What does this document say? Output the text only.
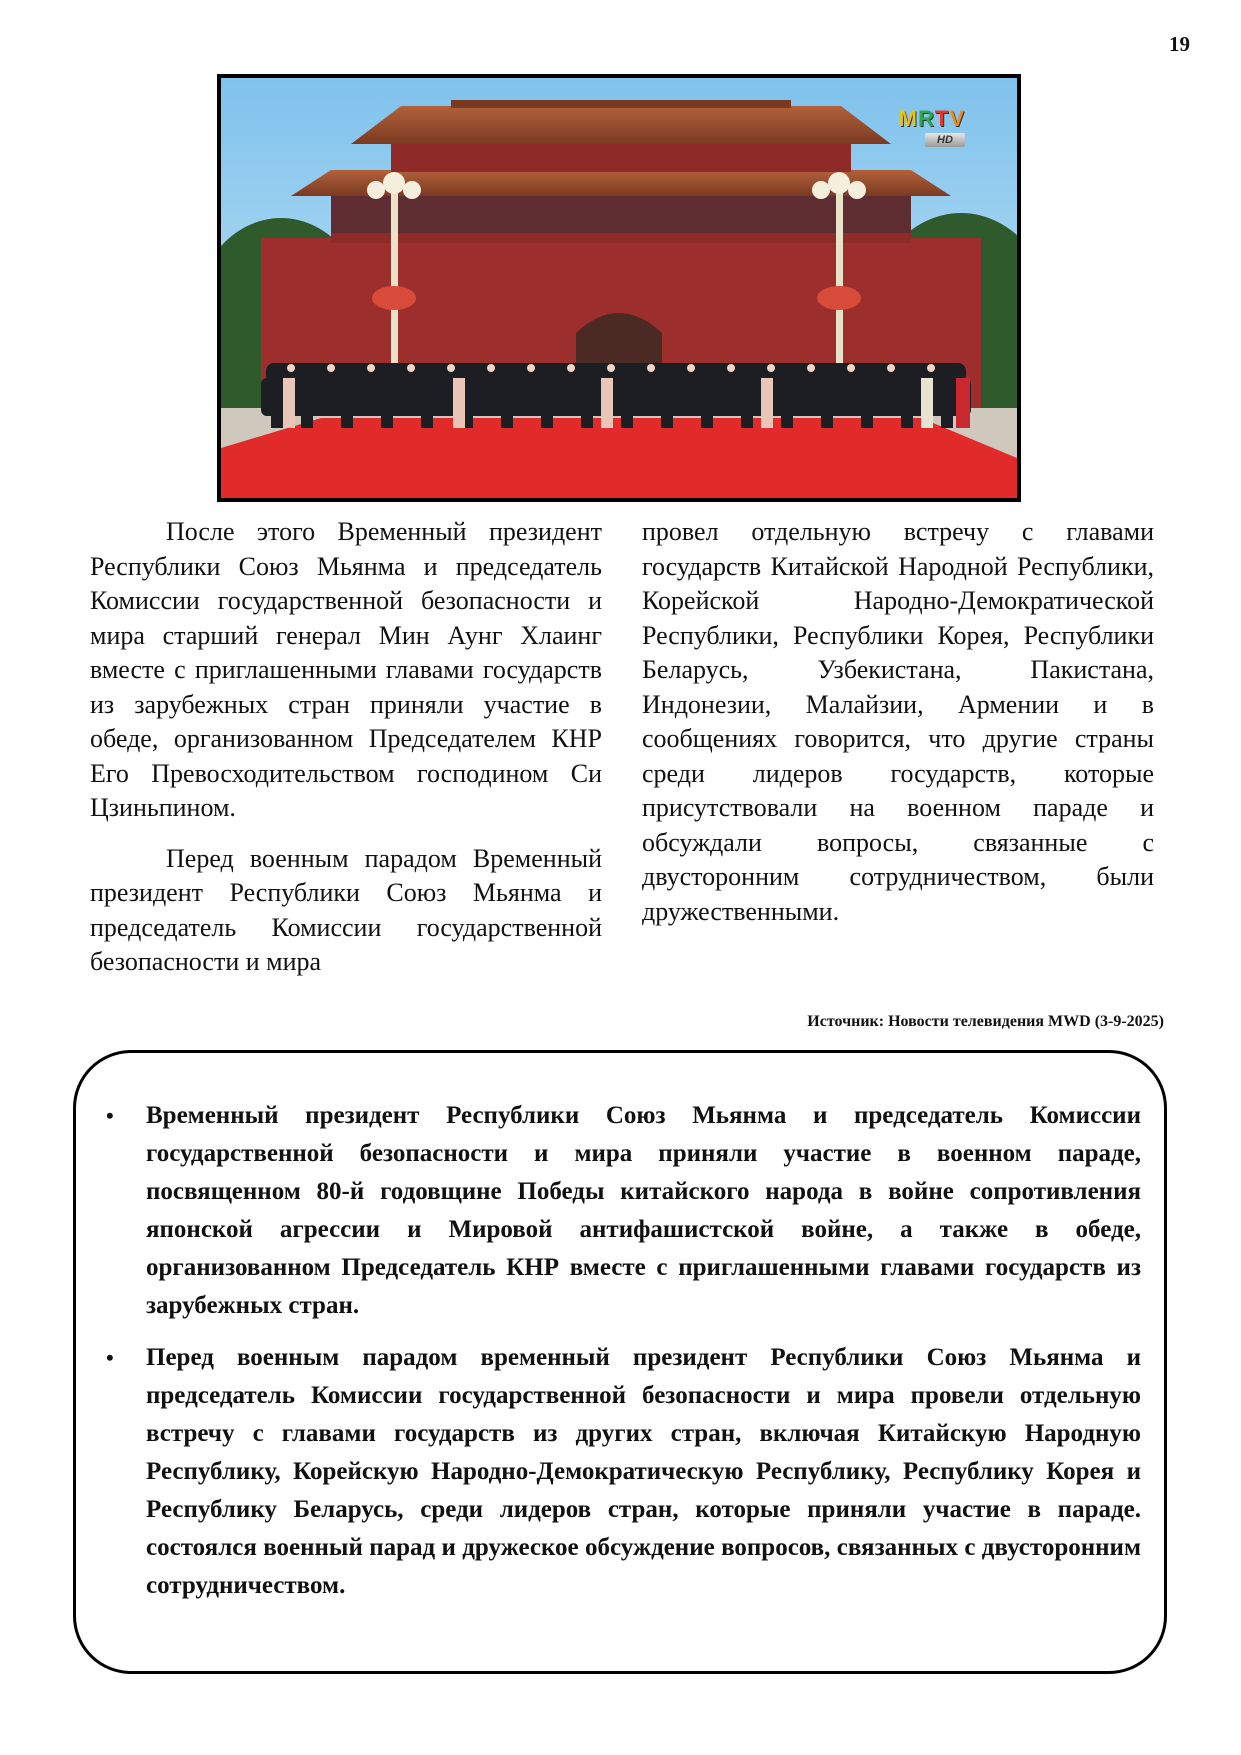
19
MRTV
HD

После этого Временный президент Республики Союз Мьянма и председатель Комиссии государственной безопасности и мира старший генерал Мин Аунг Хлаинг вместе с приглашенными главами государств из зарубежных стран приняли участие в обеде, организованном Председателем КНР Его Превосходительством господином Си Цзиньпином.

Перед военным парадом Временный президент Республики Союз Мьянма и председатель Комиссии государственной безопасности и мира

провел отдельную встречу с главами государств Китайской Народной Республики, Корейской Народно-Демократической Республики, Республики Корея, Республики Беларусь, Узбекистана, Пакистана, Индонезии, Малайзии, Армении и в сообщениях говорится, что другие страны среди лидеров государств, которые присутствовали на военном параде и обсуждали вопросы, связанные с двусторонним сотрудничеством, были дружественными.

Источник: Новости телевидения MWD (3-9-2025)
• Временный президент Республики Союз Мьянма и председатель Комиссии государственной безопасности и мира приняли участие в военном параде, посвященном 80-й годовщине Победы китайского народа в войне сопротивления японской агрессии и Мировой антифашистской войне, а также в обеде, организованном Председатель КНР вместе с приглашенными главами государств из зарубежных стран.
• Перед военным парадом временный президент Республики Союз Мьянма и председатель Комиссии государственной безопасности и мира провели отдельную встречу с главами государств из других стран, включая Китайскую Народную Республику, Корейскую Народно-Демократическую Республику, Республику Корея и Республику Беларусь, среди лидеров стран, которые приняли участие в параде. состоялся военный парад и дружеское обсуждение вопросов, связанных с двусторонним сотрудничеством.
